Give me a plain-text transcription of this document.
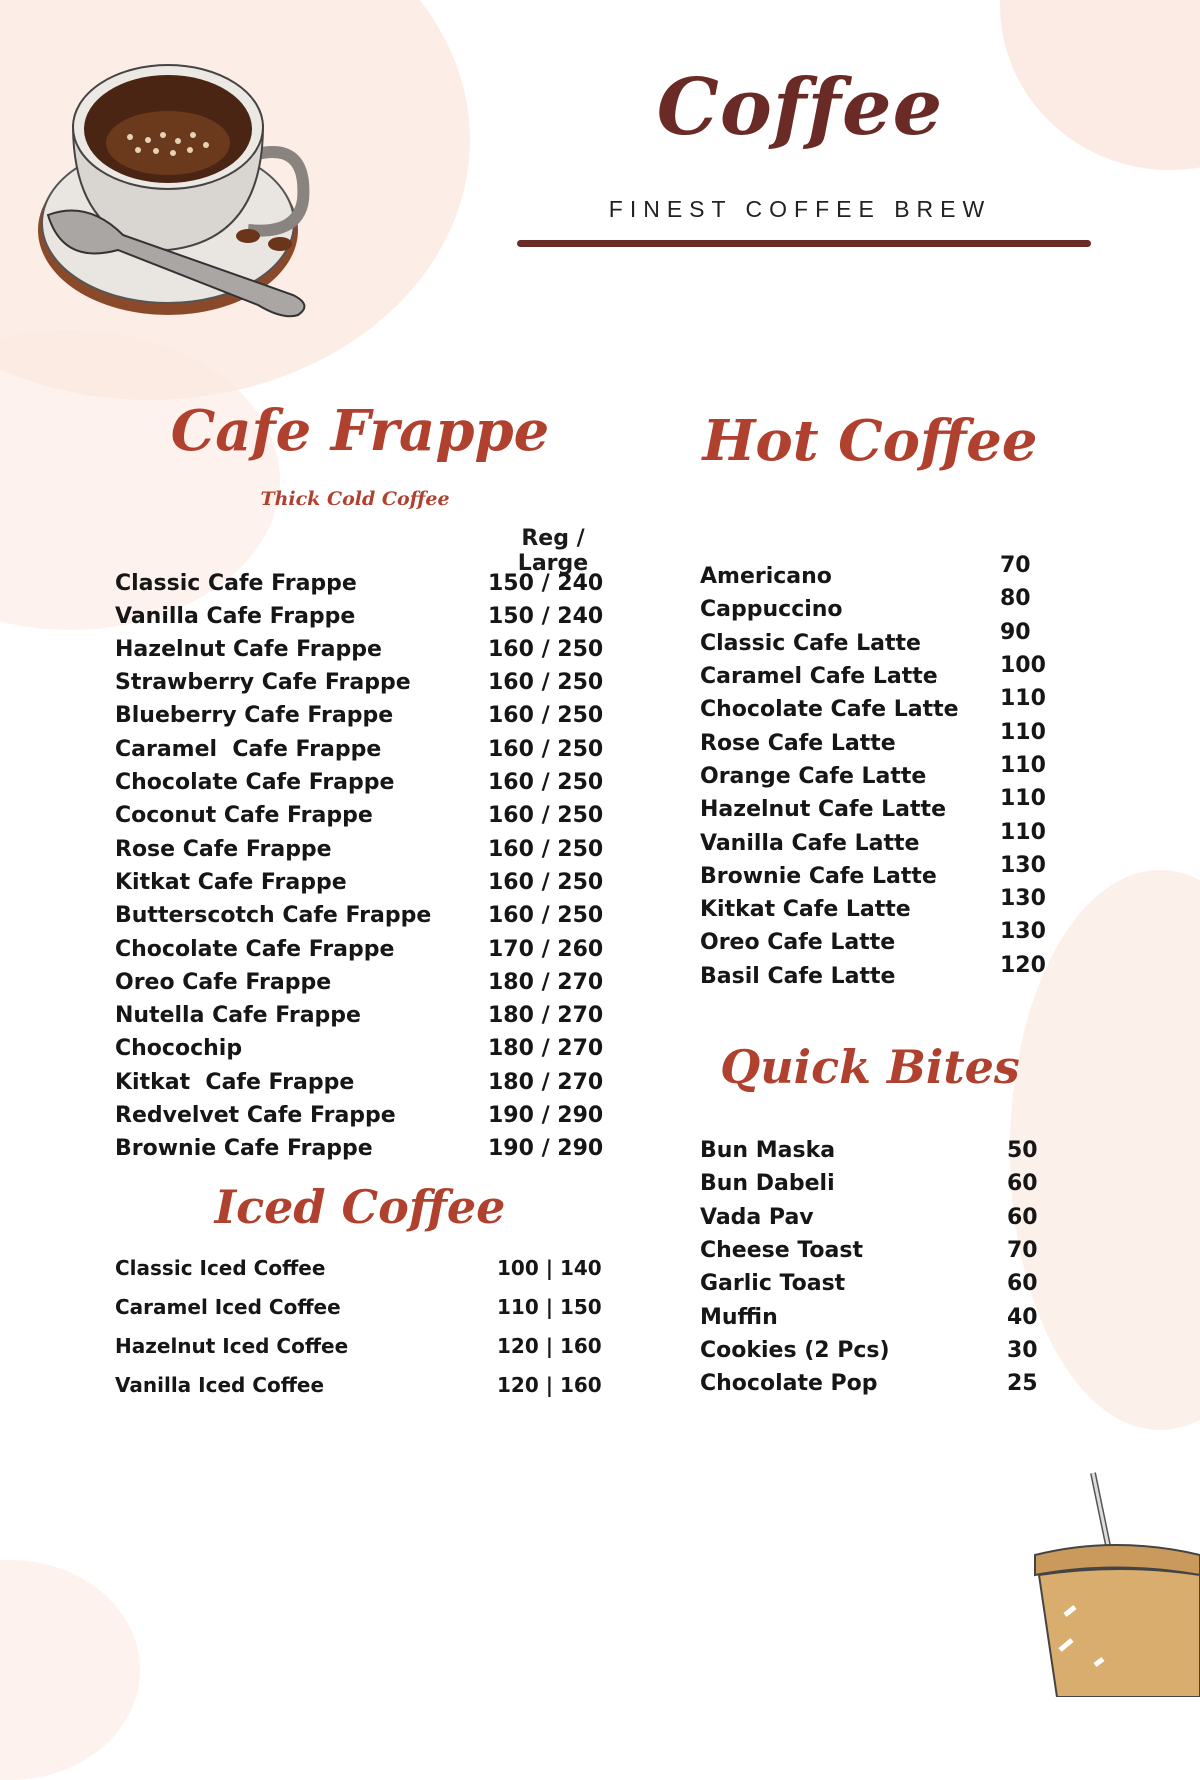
Coffee

FINEST COFFEE BREW

Cafe Frappe

Thick Cold Coffee

Reg / Large

Classic Cafe Frappe	150 / 240
Vanilla Cafe Frappe	150 / 240
Hazelnut Cafe Frappe	160 / 250
Strawberry Cafe Frappe	160 / 250
Blueberry Cafe Frappe	160 / 250
Caramel  Cafe Frappe	160 / 250
Chocolate Cafe Frappe	160 / 250
Coconut Cafe Frappe	160 / 250
Rose Cafe Frappe	160 / 250
Kitkat Cafe Frappe	160 / 250
Butterscotch Cafe Frappe	160 / 250
Chocolate Cafe Frappe	170 / 260
Oreo Cafe Frappe	180 / 270
Nutella Cafe Frappe	180 / 270
Chocochip	180 / 270
Kitkat  Cafe Frappe	180 / 270
Redvelvet Cafe Frappe	190 / 290
Brownie Cafe Frappe	190 / 290
Iced Coffee
Classic Iced Coffee	100 | 140
Caramel Iced Coffee	110 | 150
Hazelnut Iced Coffee	120 | 160
Vanilla Iced Coffee	120 | 160
Hot Coffee
Americano	70
Cappuccino	80
Classic Cafe Latte	90
Caramel Cafe Latte	100
Chocolate Cafe Latte 110
Rose Cafe Latte	110
Orange Cafe Latte	110
Hazelnut Cafe Latte 110
Vanilla Cafe Latte	110
Brownie Cafe Latte	130
Kitkat Cafe Latte	130
Oreo Cafe Latte	130
Basil Cafe Latte	120
Quick Bites
Bun Maska	50
Bun Dabeli	60
Vada Pav	60
Cheese Toast	70
Garlic Toast	60
Muffin	40
Cookies (2 Pcs)	30
Chocolate Pop	25
